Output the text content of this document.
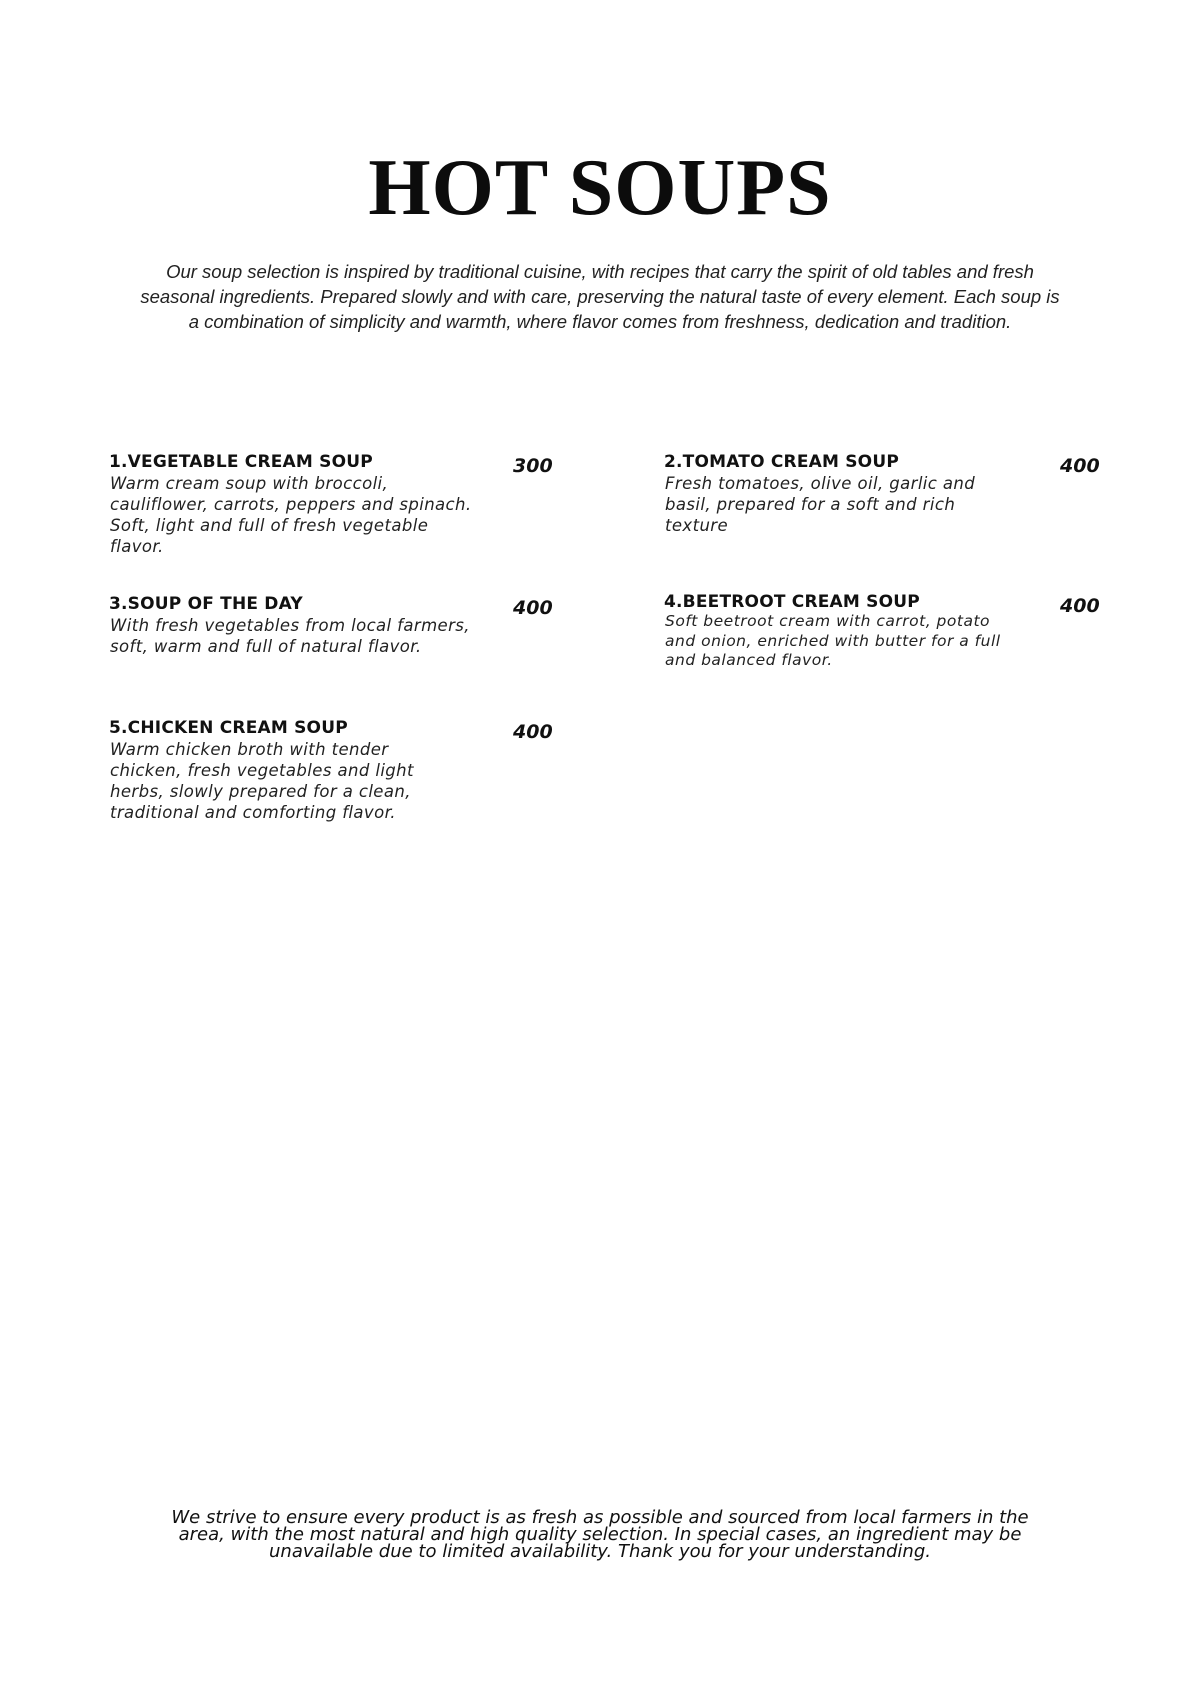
HOT SOUPS

Our soup selection is inspired by traditional cuisine, with recipes that carry the spirit of old tables and fresh seasonal ingredients. Prepared slowly and with care, preserving the natural taste of every element. Each soup is a combination of simplicity and warmth, where flavor comes from freshness, dedication and tradition.

1.VEGETABLE CREAM SOUP
Warm cream soup with broccoli, cauliflower, carrots, peppers and spinach. Soft, light and full of fresh vegetable flavor.
300	2.TOMATO CREAM SOUP
Fresh tomatoes, olive oil, garlic and basil, prepared for a soft and rich texture
400
3.SOUP OF THE DAY
With fresh vegetables from local farmers, soft, warm and full of natural flavor.
400	4.BEETROOT CREAM SOUP
Soft beetroot cream with carrot, potato and onion, enriched with butter for a full and balanced flavor.
400
5.CHICKEN CREAM SOUP
Warm chicken broth with tender chicken, fresh vegetables and light herbs, slowly prepared for a clean, traditional and comforting flavor.
400

We strive to ensure every product is as fresh as possible and sourced from local farmers in the area, with the most natural and high quality selection. In special cases, an ingredient may be unavailable due to limited availability. Thank you for your understanding.
